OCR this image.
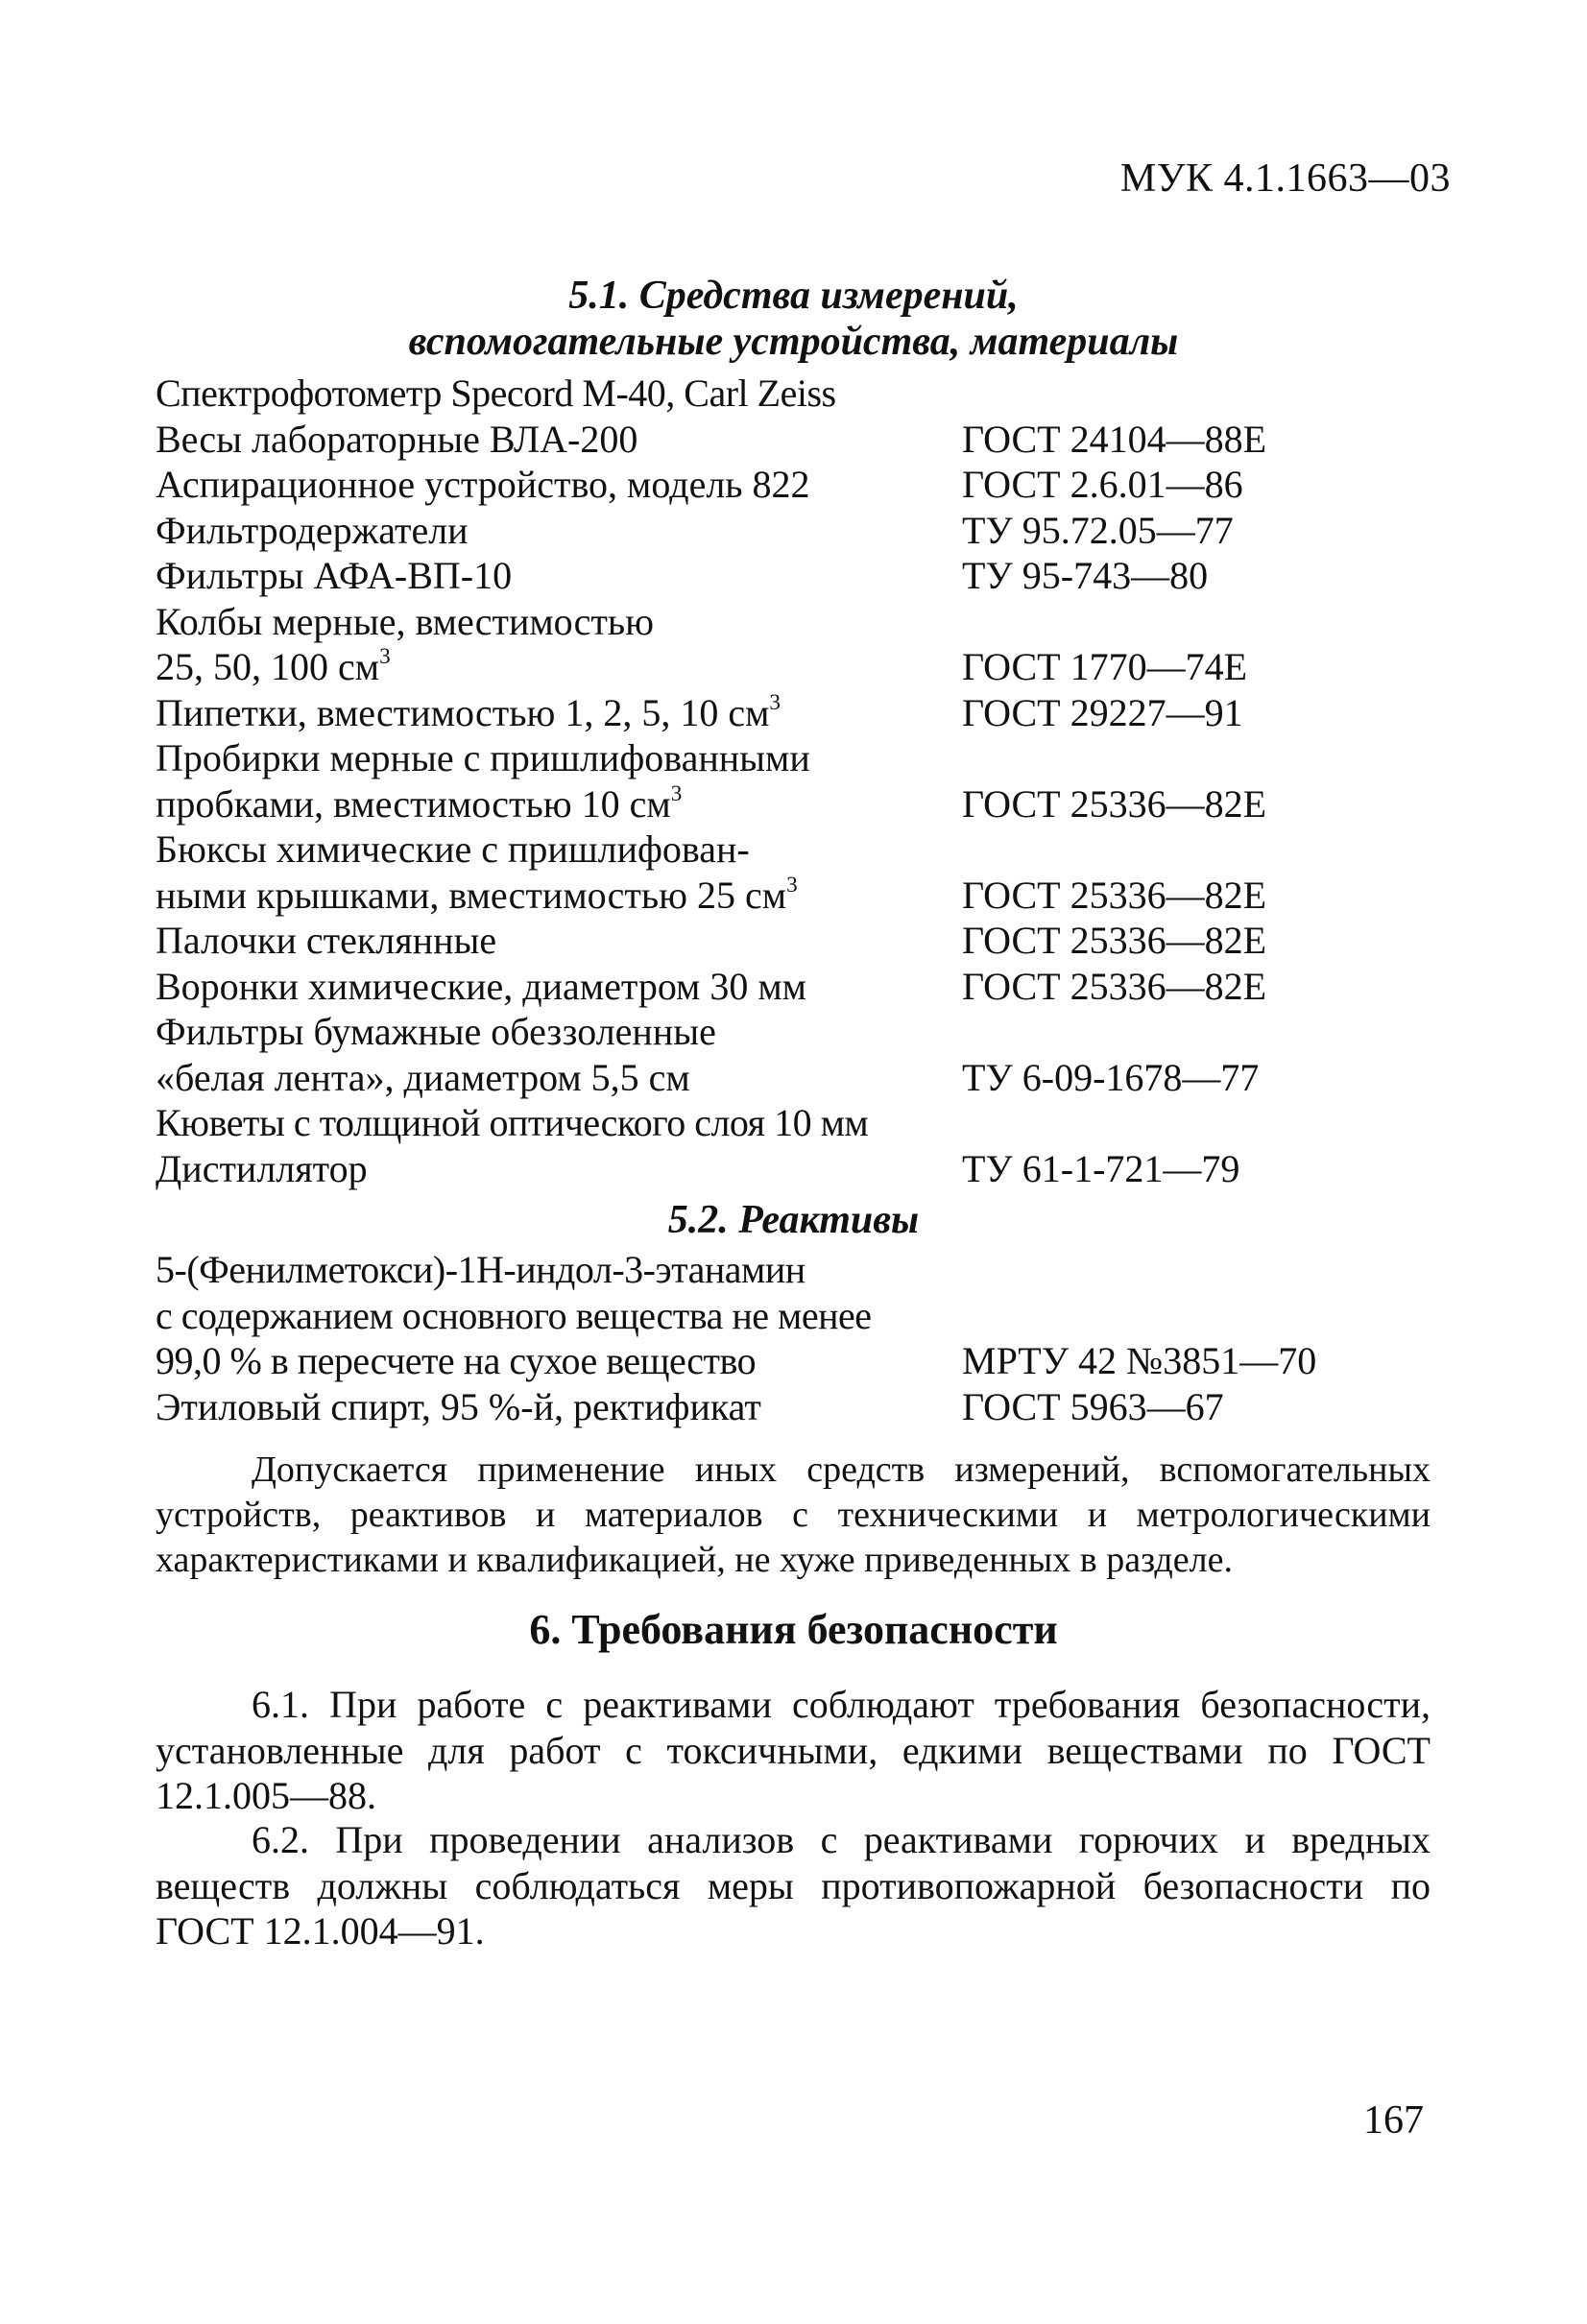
МУК 4.1.1663—03
5.1. Средства измерений,
вспомогательные устройства, материалы
Спектрофотометр Specord M-40, Carl Zeiss
Весы лабораторные ВЛА-200	ГОСТ 24104—88Е
Аспирационное устройство, модель 822	ГОСТ 2.6.01—86
Фильтродержатели	ТУ 95.72.05—77
Фильтры АФА-ВП-10	ТУ 95-743—80
Колбы мерные, вместимостью
25, 50, 100 $см^3$	ГОСТ 1770—74Е
Пипетки, вместимостью 1, 2, 5, 10 $см^3$	ГОСТ 29227—91
Пробирки мерные с пришлифованными
пробками, вместимостью 10 $см^3$	ГОСТ 25336—82Е
Бюксы химические с пришлифован-
ными крышками, вместимостью 25 $см^3$	ГОСТ 25336—82Е
Палочки стеклянные	ГОСТ 25336—82Е
Воронки химические, диаметром 30 мм	ГОСТ 25336—82Е
Фильтры бумажные обеззоленные
«белая лента», диаметром 5,5 см	ТУ 6-09-1678—77
Кюветы с толщиной оптического слоя 10 мм
Дистиллятор	ТУ 61-1-721—79
5.2. Реактивы
5-(Фенилметокси)-1Н-индол-3-этанамин
с содержанием основного вещества не менее
99,0 % в пересчете на сухое вещество	МРТУ 42 №3851—70
Этиловый спирт, 95 %-й, ректификат	ГОСТ 5963—67

Допускается применение иных средств измерений, вспомогательных устройств, реактивов и материалов с техническими и метрологическими характеристиками и квалификацией, не хуже приведенных в разделе.

6. Требования безопасности

6.1. При работе с реактивами соблюдают требования безопасности, установленные для работ с токсичными, едкими веществами по ГОСТ 12.1.005—88.

6.2. При проведении анализов с реактивами горючих и вредных веществ должны соблюдаться меры противопожарной безопасности по ГОСТ 12.1.004—91.

167
